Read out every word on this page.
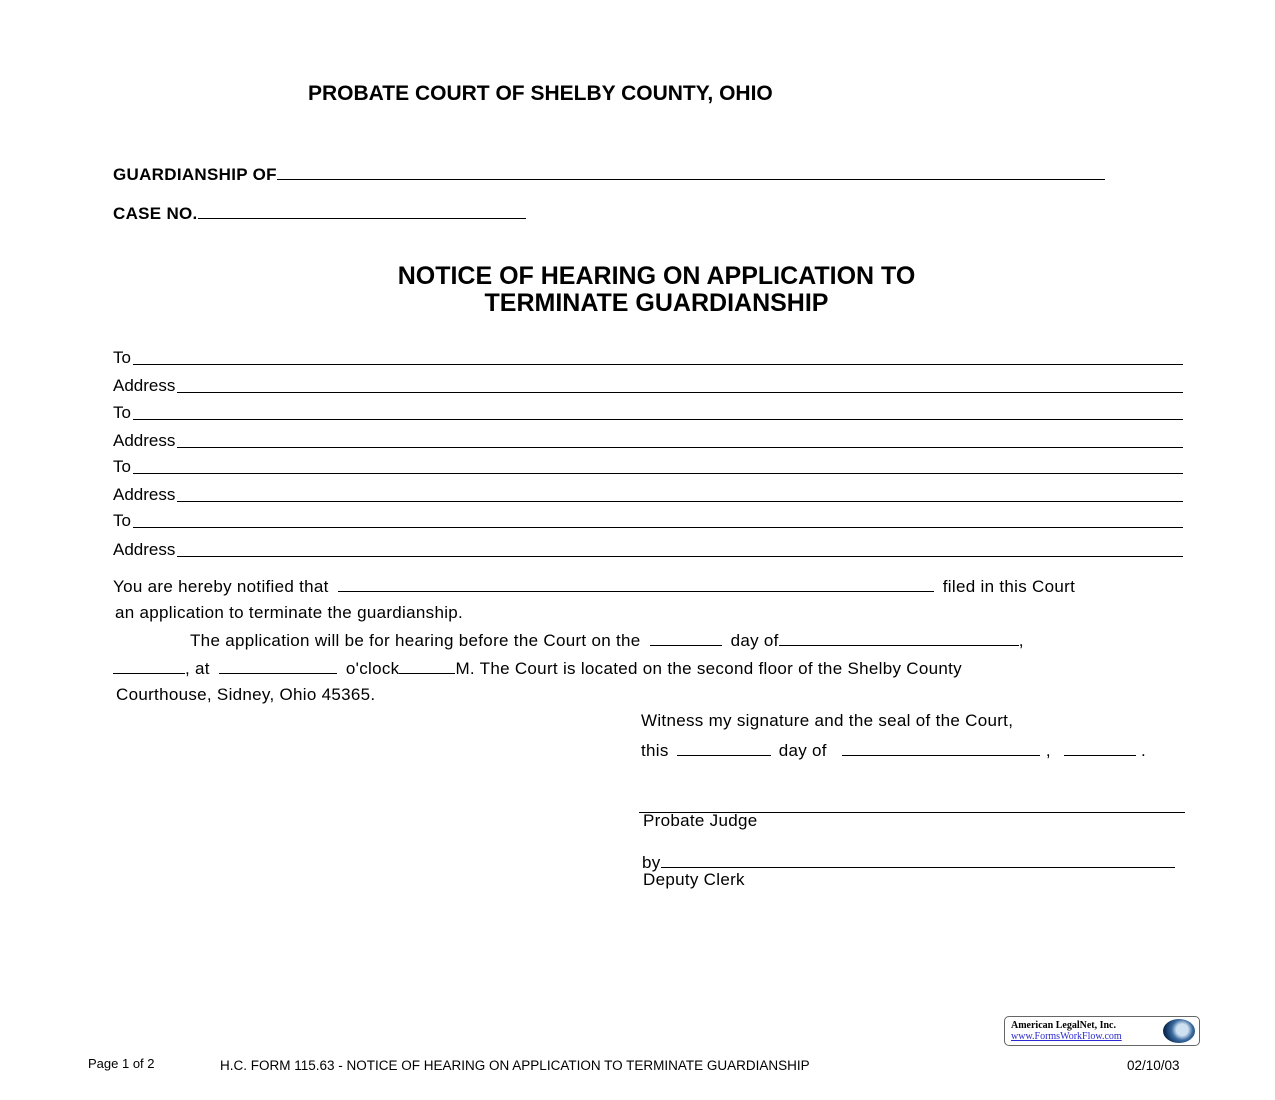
PROBATE COURT OF SHELBY COUNTY, OHIO
GUARDIANSHIP OF
CASE NO.
NOTICE OF HEARING ON APPLICATION TO
TERMINATE GUARDIANSHIP
To
Address
To
Address
To
Address
To
Address
You are hereby notified that	filed in this Court
an application to terminate the guardianship.
The application will be for hearing before the Court on the	day of	,
, at	o'clock	M. The Court is located on the second floor of the Shelby County
Courthouse, Sidney, Ohio 45365.
Witness my signature and the seal of the Court,
this	day of	,	.
Probate Judge
by
Deputy Clerk
American LegalNet, Inc.
www.FormsWorkFlow.com
Page 1 of 2	H.C. FORM 115.63 - NOTICE OF HEARING ON APPLICATION TO TERMINATE GUARDIANSHIP	02/10/03
